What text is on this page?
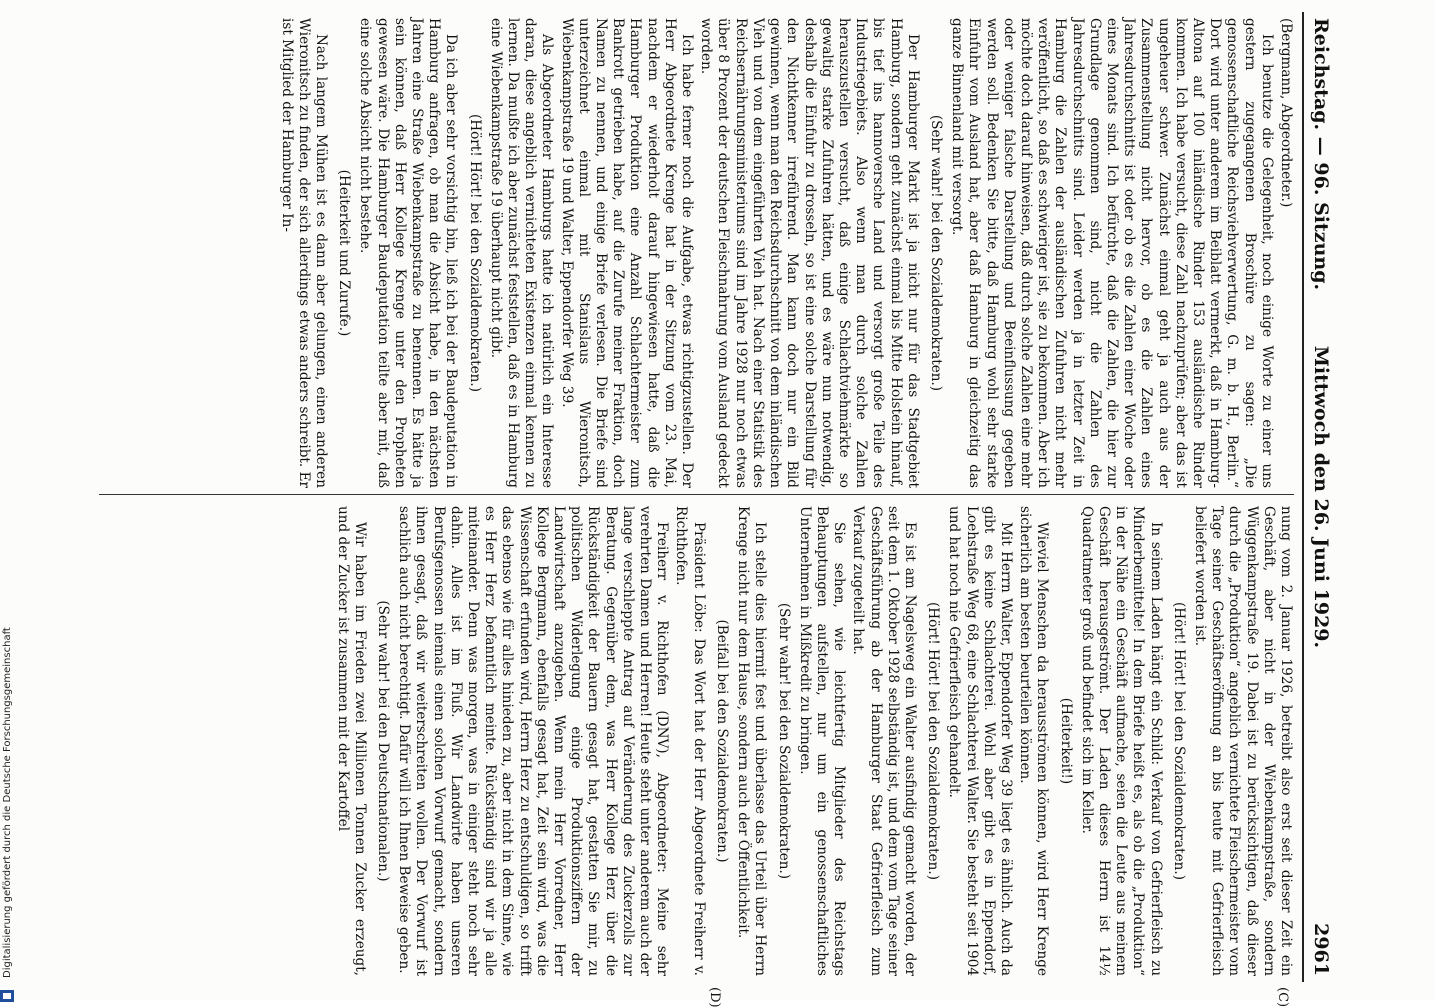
Reichstag. — 96. Sitzung.
Mittwoch den 26. Juni 1929.
2961

(Bergmann, Abgeordneter.)

Ich benutze die Gelegenheit, noch einige Worte zu einer uns gestern zugegangenen Broschüre zu sagen: „Die genossenschaftliche Reichsviehverwertung, G. m. b. H., Berlin.“ Dort wird unter anderem im Beiblatt vermerkt, daß in Hamburg-Altona auf 100 inländische Rinder 153 ausländische Rinder kommen. Ich habe versucht, diese Zahl nachzuprüfen; aber das ist ungeheuer schwer. Zunächst einmal geht ja auch aus der Zusammenstellung nicht hervor, ob es die Zahlen eines Jahresdurchschnitts ist oder ob es die Zahlen einer Woche oder eines Monats sind. Ich befürchte, daß die Zahlen, die hier zur Grundlage genommen sind, nicht die Zahlen des Jahresdurchschnitts sind. Leider werden ja in letzter Zeit in Hamburg die Zahlen der ausländischen Zufuhren nicht mehr veröffentlicht, so daß es schwieriger ist, sie zu bekommen. Aber ich möchte doch darauf hinweisen, daß durch solche Zahlen eine mehr oder weniger falsche Darstellung und Beeinflussung gegeben werden soll. Bedenken Sie bitte, daß Hamburg wohl sehr starke Einfuhr vom Ausland hat, aber daß Hamburg in gleichzeitig das ganze Binnenland mit versorgt.

(Sehr wahr! bei den Sozialdemokraten.)

Der Hamburger Markt ist ja nicht nur für das Stadtgebiet Hamburg, sondern geht zunächst einmal bis Mitte Holstein hinauf, bis tief ins hannoversche Land und versorgt große Teile des Industriegebiets. Also wenn man durch solche Zahlen herauszustellen versucht, daß einige Schlachtviehmärkte so gewaltig starke Zufuhren hätten, und es wäre nun notwendig, deshalb die Einfuhr zu drosseln, so ist eine solche Darstellung für den Nichtkenner irreführend. Man kann doch nur ein Bild gewinnen, wenn man den Reichsdurchschnitt von dem inländischen Vieh und von dem eingeführten Vieh hat. Nach einer Statistik des Reichsernährungsministeriums sind im Jahre 1928 nur noch etwas über 8 Prozent der deutschen Fleischnahrung vom Ausland gedeckt worden.

Ich habe ferner noch die Aufgabe, etwas richtigzustellen. Der Herr Abgeordnete Krenge hat in der Sitzung vom 23. Mai, nachdem er wiederholt darauf hingewiesen hatte, daß die Hamburger Produktion eine Anzahl Schlachtermeister zum Bankrott getrieben habe, auf die Zurufe meiner Fraktion, doch Namen zu nennen, und einige Briefe verlesen. Die Briefe sind unterzeichnet einmal mit Stanislaus Wieronitsch, Wiebenkampstraße 19 und Walter, Eppendorfer Weg 39.

Als Abgeordneter Hamburgs hatte ich natürlich ein Interesse daran, diese angeblich vernichteten Existenzen einmal kennen zu lernen. Da mußte ich aber zunächst feststellen, daß es in Hamburg eine Wiebenkampstraße 19 überhaupt nicht gibt.

(Hört! Hört! bei den Sozialdemokraten.)

Da ich aber sehr vorsichtig bin, ließ ich bei der Baudeputation in Hamburg anfragen, ob man die Absicht habe, in den nächsten Jahren eine Straße Wiebenkampstraße zu benennen. Es hätte ja sein können, daß Herr Kollege Krenge unter den Propheten gewesen wäre. Die Hamburger Baudeputation teilte aber mit, daß eine solche Absicht nicht bestehe.

(Heiterkeit und Zurufe.)

Nach langem Mühen ist es dann aber gelungen, einen anderen Wieronitsch zu finden, der sich allerdings etwas anders schreibt. Er ist Mitglied der Hamburger In-

nung vom 2. Januar 1926, betreibt also erst seit dieser Zeit ein Geschäft, aber nicht in der Wiebenkampstraße, sondern Wüggenkampstraße 19. Dabei ist zu berücksichtigen, daß dieser durch die „Produktion“ angeblich vernichtete Fleischermeister vom Tage seiner Geschäftseröffnung an bis heute mit Gefrierfleisch beliefert worden ist.

(Hört! Hört! bei den Sozialdemokraten.)

In seinem Laden hängt ein Schild: Verkauf von Gefrierfleisch zu Minderbemittelte! In dem Briefe heißt es, als ob die „Produktion“ in der Nähe ein Geschäft aufmache, seien die Leute aus meinem Geschäft herausgeströmt. Der Laden dieses Herrn ist 14½ Quadratmeter groß und befindet sich im Keller.

(Heiterkeit!)

Wieviel Menschen da herausströmen können, wird Herr Krenge sicherlich am besten beurteilen können.

Mit Herrn Walter, Eppendorfer Weg 39 liegt es ähnlich. Auch da gibt es keine Schlachterei. Wohl aber gibt es in Eppendorf, Loehstraße Weg 68, eine Schlachterei Walter. Sie besteht seit 1904 und hat noch nie Gefrierfleisch gehandelt.

(Hört! Hört! bei den Sozialdemokraten.)

Es ist am Nagelsweg ein Walter ausfindig gemacht worden, der seit dem 1. Oktober 1928 selbständig ist, und dem vom Tage seiner Geschäftsführung ab der Hamburger Staat Gefrierfleisch zum Verkauf zugeteilt hat.

Sie sehen, wie leichtfertig Mitglieder des Reichstags Behauptungen aufstellen, nur um ein genossenschaftliches Unternehmen in Mißkredit zu bringen.

(Sehr wahr! bei den Sozialdemokraten.)

Ich stelle dies hiermit fest und überlasse das Urteil über Herrn Krenge nicht nur dem Hause, sondern auch der Öffentlichkeit.

(Beifall bei den Sozialdemokraten.)

Präsident Löbe: Das Wort hat der Herr Abgeordnete Freiherr v. Richthofen.

Freiherr v. Richthofen (DNV), Abgeordneter: Meine sehr verehrten Damen und Herren! Heute steht unter anderem auch der lange verschleppte Antrag auf Veränderung des Zuckerzolls zur Beratung. Gegenüber dem, was Herr Kollege Herz über die Rückständigkeit der Bauern gesagt hat, gestatten Sie mir, zu politischen Widerlegung einige Produktionsziffern der Landwirtschaft anzugeben. Wenn mein Herr Vorredner, Herr Kollege Bergmann, ebenfalls gesagt hat, Zeit sein wird, was die Wissenschaft erfunden wird, Herrn Herz zu entschuldigen, so trifft das ebenso wie für alles hinieden zu, aber nicht in dem Sinne, wie es Herr Herz befanntlich meinte. Rückständig sind wir ja alle miteinander. Denn was morgen, was in einiger steht noch sehr dahin. Alles ist im Fluß. Wir Landwirte haben unseren Berufsgenossen niemals einen solchen Vorwurf gemacht, sondern ihnen gesagt, daß wir weiterschreiten wollen. Der Vorwurf ist sachlich auch nicht berechtigt. Dafür will ich Ihnen Beweise geben.

(Sehr wahr! bei den Deutschnationalen.)

Wir haben im Frieden zwei Millionen Tonnen Zucker erzeugt, und der Zucker ist zusammen mit der Kartoffel

(C)
(D)
Digitalisierung gefördert durch die Deutsche Forschungsgemeinschaft
